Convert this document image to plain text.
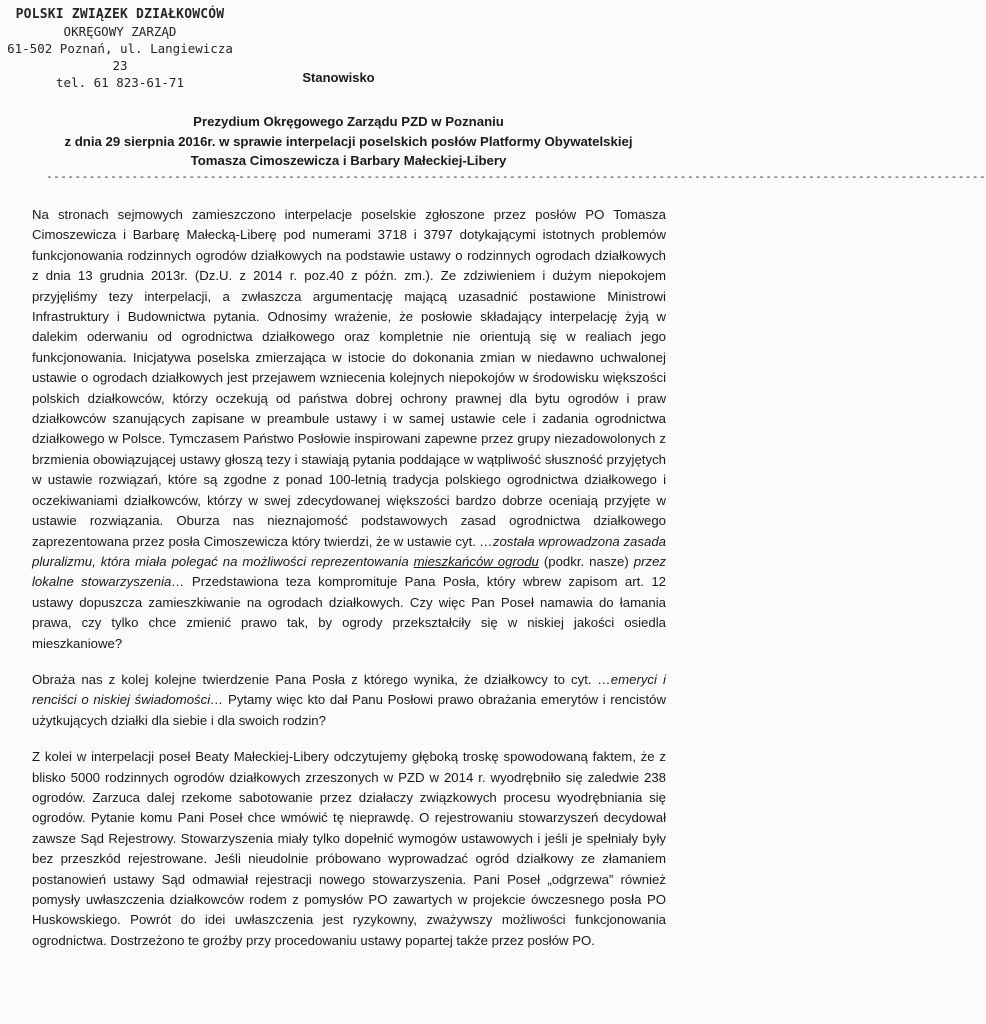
POLSKI ZWIĄZEK DZIAŁKOWCÓW
OKRĘGOWY ZARZĄD
61-502 Poznań, ul. Langiewicza 23
tel. 61 823-61-71	Stanowisko
Prezydium Okręgowego Zarządu PZD w Poznaniu
z dnia 29 sierpnia 2016r. w sprawie interpelacji poselskich posłów Platformy Obywatelskiej
Tomasza Cimoszewicza i Barbary Małeckiej-Libery
------------------------------------------------------------------------------------------------------------------------------------

Na stronach sejmowych zamieszczono interpelacje poselskie zgłoszone przez posłów PO Tomasza Cimoszewicza i Barbarę Małecką-Liberę pod numerami 3718 i 3797 dotykającymi istotnych problemów funkcjonowania rodzinnych ogrodów działkowych na podstawie ustawy o rodzinnych ogrodach działkowych z dnia 13 grudnia 2013r. (Dz.U. z 2014 r. poz.40 z późn. zm.). Ze zdziwieniem i dużym niepokojem przyjęliśmy tezy interpelacji, a zwłaszcza argumentację mającą uzasadnić postawione Ministrowi Infrastruktury i Budownictwa pytania. Odnosimy wrażenie, że posłowie składający interpelację żyją w dalekim oderwaniu od ogrodnictwa działkowego oraz kompletnie nie orientują się w realiach jego funkcjonowania. Inicjatywa poselska zmierzająca w istocie do dokonania zmian w niedawno uchwalonej ustawie o ogrodach działkowych jest przejawem wzniecenia kolejnych niepokojów w środowisku większości polskich działkowców, którzy oczekują od państwa dobrej ochrony prawnej dla bytu ogrodów i praw działkowców szanujących zapisane w preambule ustawy i w samej ustawie cele i zadania ogrodnictwa działkowego w Polsce. Tymczasem Państwo Posłowie inspirowani zapewne przez grupy niezadowolonych z brzmienia obowiązującej ustawy głoszą tezy i stawiają pytania poddające w wątpliwość słuszność przyjętych w ustawie rozwiązań, które są zgodne z ponad 100-letnią tradycja polskiego ogrodnictwa działkowego i oczekiwaniami działkowców, którzy w swej zdecydowanej większości bardzo dobrze oceniają przyjęte w ustawie rozwiązania. Oburza nas nieznajomość podstawowych zasad ogrodnictwa działkowego zaprezentowana przez posła Cimoszewicza który twierdzi, że w ustawie cyt. …została wprowadzona zasada pluralizmu, która miała polegać na możliwości reprezentowania mieszkańców ogrodu (podkr. nasze) przez lokalne stowarzyszenia… Przedstawiona teza kompromituje Pana Posła, który wbrew zapisom art. 12 ustawy dopuszcza zamieszkiwanie na ogrodach działkowych. Czy więc Pan Poseł namawia do łamania prawa, czy tylko chce zmienić prawo tak, by ogrody przekształciły się w niskiej jakości osiedla mieszkaniowe?

Obraża nas z kolej kolejne twierdzenie Pana Posła z którego wynika, że działkowcy to cyt. …emeryci i renciści o niskiej świadomości… Pytamy więc kto dał Panu Posłowi prawo obrażania emerytów i rencistów użytkujących działki dla siebie i dla swoich rodzin?

Z kolei w interpelacji poseł Beaty Małeckiej-Libery odczytujemy głęboką troskę spowodowaną faktem, że z blisko 5000 rodzinnych ogrodów działkowych zrzeszonych w PZD w 2014 r. wyodrębniło się zaledwie 238 ogrodów. Zarzuca dalej rzekome sabotowanie przez działaczy związkowych procesu wyodrębniania się ogrodów. Pytanie komu Pani Poseł chce wmówić tę nieprawdę. O rejestrowaniu stowarzyszeń decydował zawsze Sąd Rejestrowy. Stowarzyszenia miały tylko dopełnić wymogów ustawowych i jeśli je spełniały były bez przeszkód rejestrowane. Jeśli nieudolnie próbowano wyprowadzać ogród działkowy ze złamaniem postanowień ustawy Sąd odmawiał rejestracji nowego stowarzyszenia. Pani Poseł „odgrzewa” również pomysły uwłaszczenia działkowców rodem z pomysłów PO zawartych w projekcie ówczesnego posła PO Huskowskiego. Powrót do idei uwłaszczenia jest ryzykowny, zważywszy możliwości funkcjonowania ogrodnictwa. Dostrzeżono te groźby przy procedowaniu ustawy popartej także przez posłów PO.
